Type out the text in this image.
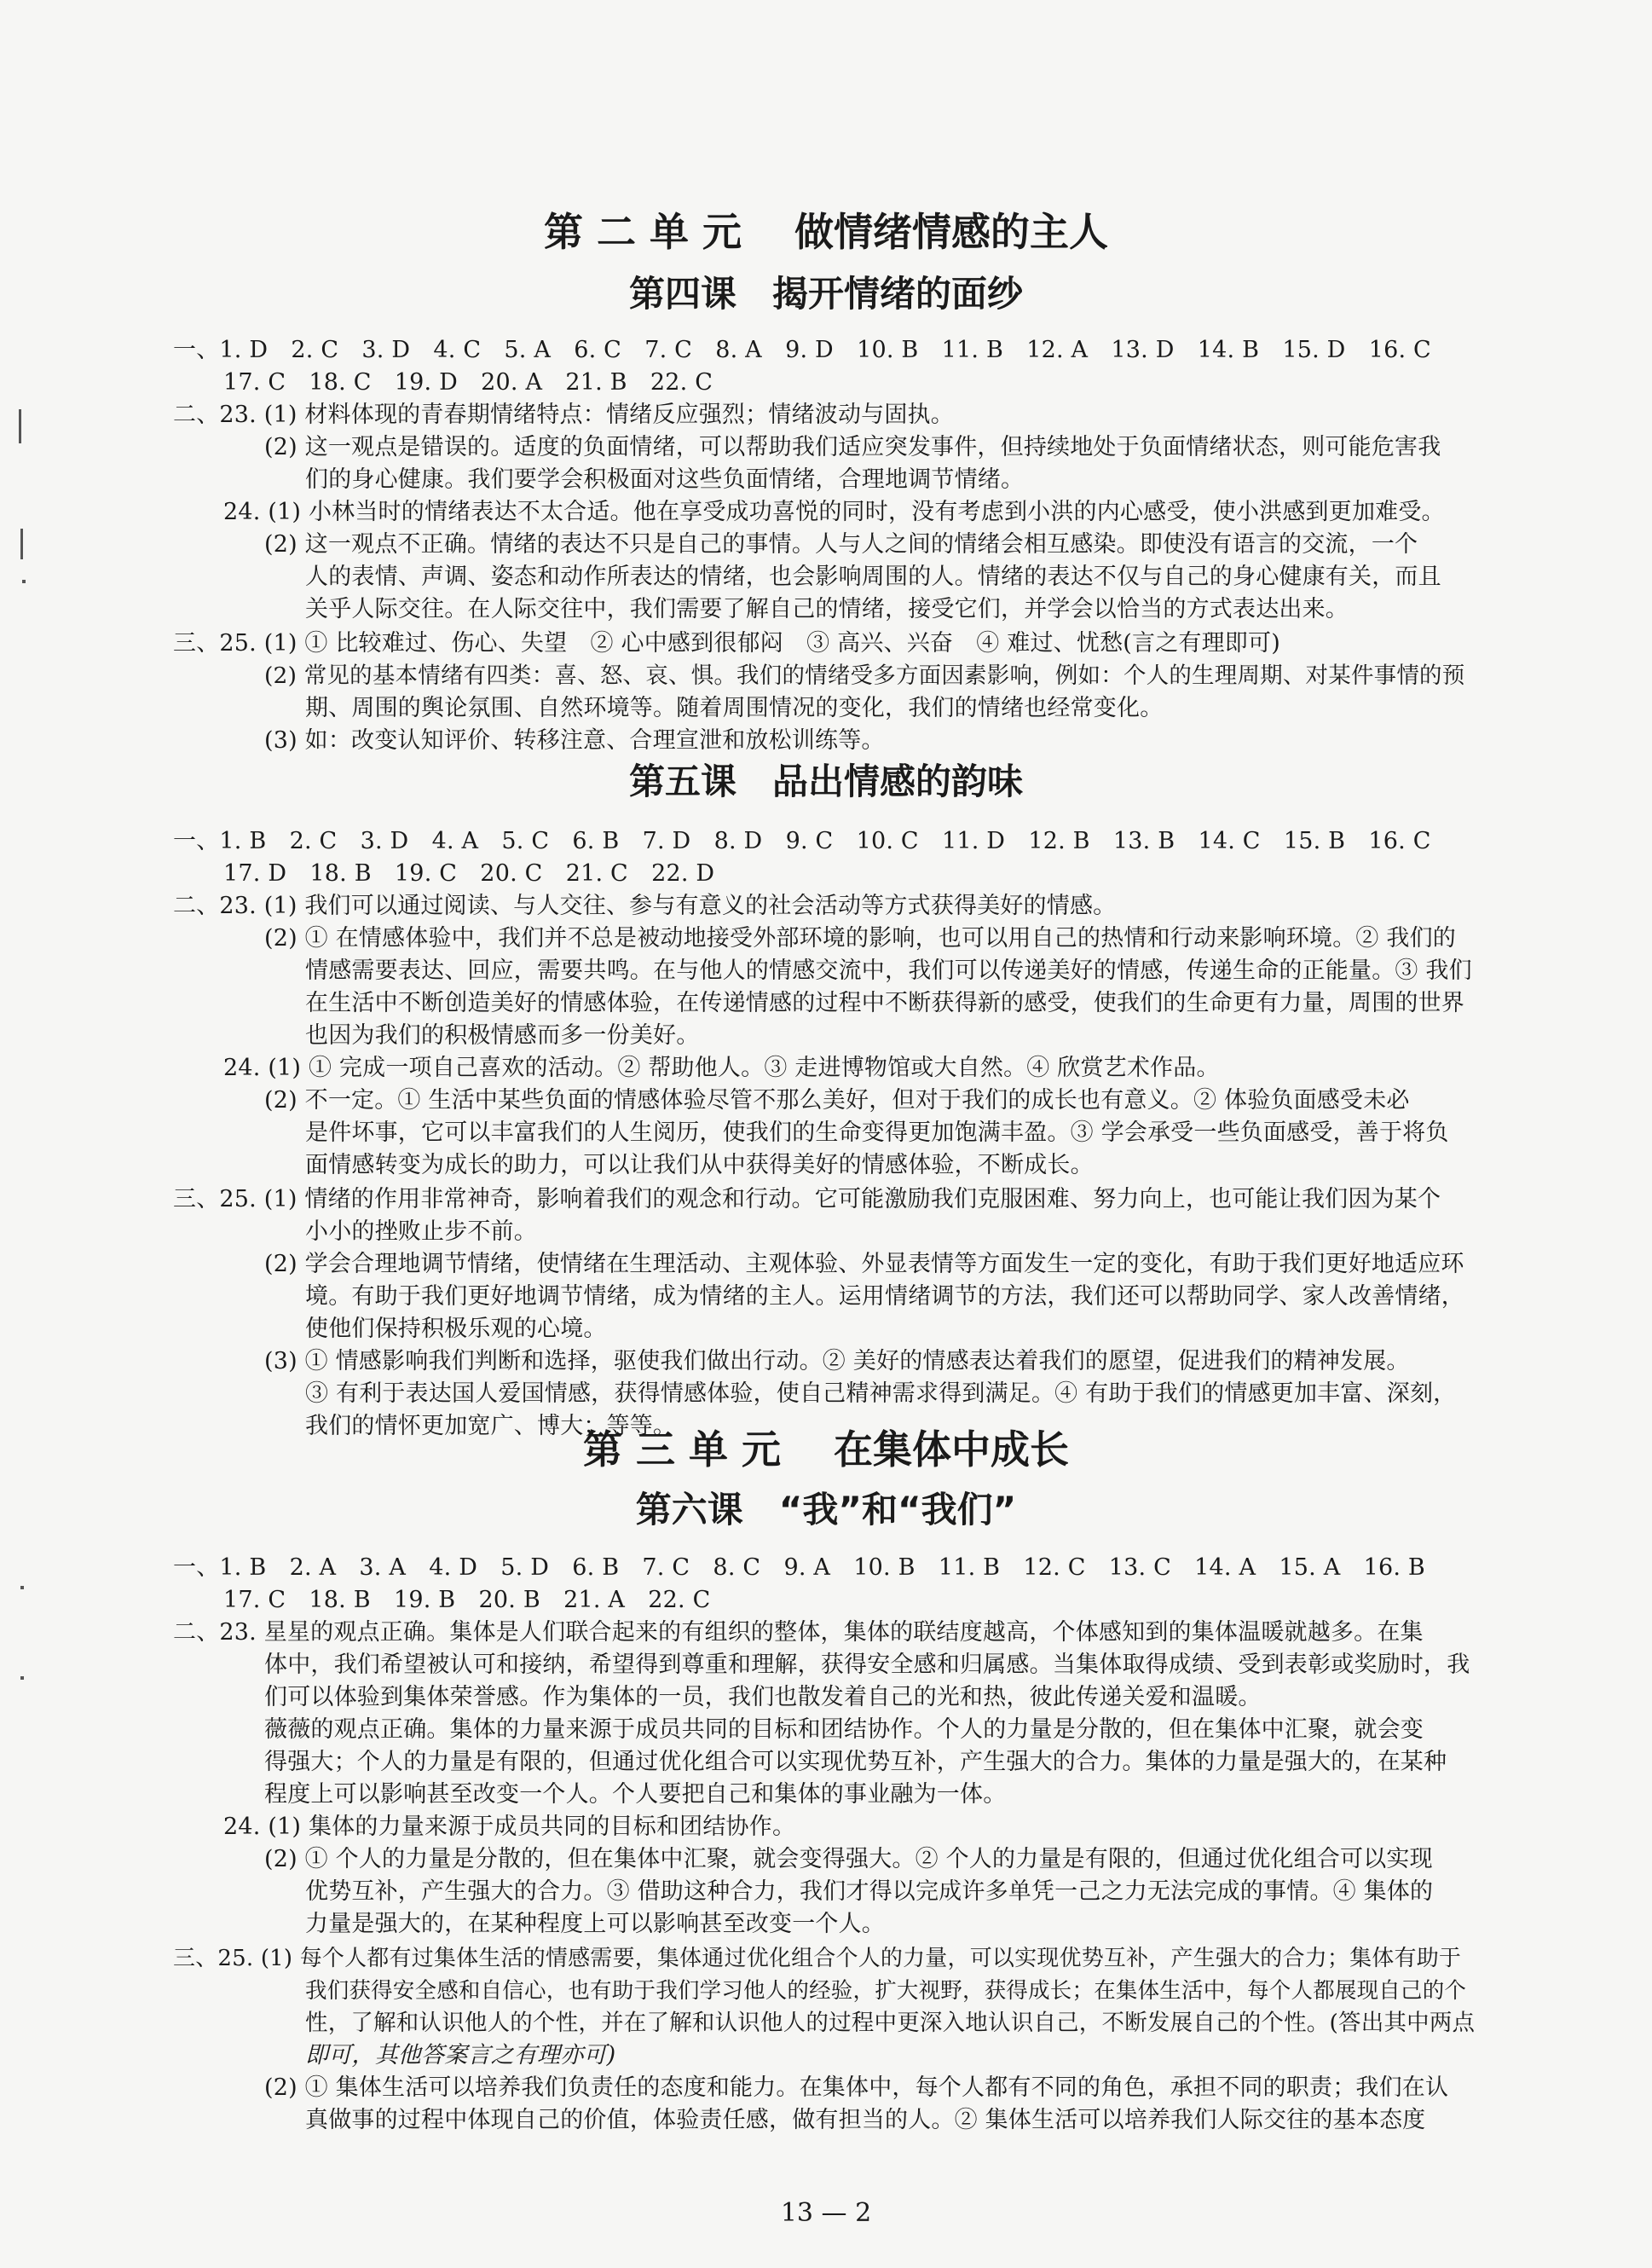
第 二 单 元　 做情绪情感的主人
第四课　揭开情绪的面纱
一、1. D　2. C　3. D　4. C　5. A　6. C　7. C　8. A　9. D　10. B　11. B　12. A　13. D　14. B　15. D　16. C
17. C　18. C　19. D　20. A　21. B　22. C
二、23. (1) 材料体现的青春期情绪特点：情绪反应强烈；情绪波动与固执。
(2) 这一观点是错误的。适度的负面情绪，可以帮助我们适应突发事件，但持续地处于负面情绪状态，则可能危害我
们的身心健康。我们要学会积极面对这些负面情绪，合理地调节情绪。
24. (1) 小林当时的情绪表达不太合适。他在享受成功喜悦的同时，没有考虑到小洪的内心感受，使小洪感到更加难受。
(2) 这一观点不正确。情绪的表达不只是自己的事情。人与人之间的情绪会相互感染。即使没有语言的交流，一个
人的表情、声调、姿态和动作所表达的情绪，也会影响周围的人。情绪的表达不仅与自己的身心健康有关，而且
关乎人际交往。在人际交往中，我们需要了解自己的情绪，接受它们，并学会以恰当的方式表达出来。
三、25. (1) ① 比较难过、伤心、失望　② 心中感到很郁闷　③ 高兴、兴奋　④ 难过、忧愁(言之有理即可)
(2) 常见的基本情绪有四类：喜、怒、哀、惧。我们的情绪受多方面因素影响，例如：个人的生理周期、对某件事情的预
期、周围的舆论氛围、自然环境等。随着周围情况的变化，我们的情绪也经常变化。
(3) 如：改变认知评价、转移注意、合理宣泄和放松训练等。
第五课　品出情感的韵味
一、1. B　2. C　3. D　4. A　5. C　6. B　7. D　8. D　9. C　10. C　11. D　12. B　13. B　14. C　15. B　16. C
17. D　18. B　19. C　20. C　21. C　22. D
二、23. (1) 我们可以通过阅读、与人交往、参与有意义的社会活动等方式获得美好的情感。
(2) ① 在情感体验中，我们并不总是被动地接受外部环境的影响，也可以用自己的热情和行动来影响环境。② 我们的
情感需要表达、回应，需要共鸣。在与他人的情感交流中，我们可以传递美好的情感，传递生命的正能量。③ 我们
在生活中不断创造美好的情感体验，在传递情感的过程中不断获得新的感受，使我们的生命更有力量，周围的世界
也因为我们的积极情感而多一份美好。
24. (1) ① 完成一项自己喜欢的活动。② 帮助他人。③ 走进博物馆或大自然。④ 欣赏艺术作品。
(2) 不一定。① 生活中某些负面的情感体验尽管不那么美好，但对于我们的成长也有意义。② 体验负面感受未必
是件坏事，它可以丰富我们的人生阅历，使我们的生命变得更加饱满丰盈。③ 学会承受一些负面感受，善于将负
面情感转变为成长的助力，可以让我们从中获得美好的情感体验，不断成长。
三、25. (1) 情绪的作用非常神奇，影响着我们的观念和行动。它可能激励我们克服困难、努力向上，也可能让我们因为某个
小小的挫败止步不前。
(2) 学会合理地调节情绪，使情绪在生理活动、主观体验、外显表情等方面发生一定的变化，有助于我们更好地适应环
境。有助于我们更好地调节情绪，成为情绪的主人。运用情绪调节的方法，我们还可以帮助同学、家人改善情绪，
使他们保持积极乐观的心境。
(3) ① 情感影响我们判断和选择，驱使我们做出行动。② 美好的情感表达着我们的愿望，促进我们的精神发展。
③ 有利于表达国人爱国情感，获得情感体验，使自己精神需求得到满足。④ 有助于我们的情感更加丰富、深刻，
我们的情怀更加宽广、博大；等等。
第 三 单 元　 在集体中成长
第六课　“我”和“我们”
一、1. B　2. A　3. A　4. D　5. D　6. B　7. C　8. C　9. A　10. B　11. B　12. C　13. C　14. A　15. A　16. B
17. C　18. B　19. B　20. B　21. A　22. C
二、23. 星星的观点正确。集体是人们联合起来的有组织的整体，集体的联结度越高，个体感知到的集体温暖就越多。在集
体中，我们希望被认可和接纳，希望得到尊重和理解，获得安全感和归属感。当集体取得成绩、受到表彰或奖励时，我
们可以体验到集体荣誉感。作为集体的一员，我们也散发着自己的光和热，彼此传递关爱和温暖。
薇薇的观点正确。集体的力量来源于成员共同的目标和团结协作。个人的力量是分散的，但在集体中汇聚，就会变
得强大；个人的力量是有限的，但通过优化组合可以实现优势互补，产生强大的合力。集体的力量是强大的，在某种
程度上可以影响甚至改变一个人。个人要把自己和集体的事业融为一体。
24. (1) 集体的力量来源于成员共同的目标和团结协作。
(2) ① 个人的力量是分散的，但在集体中汇聚，就会变得强大。② 个人的力量是有限的，但通过优化组合可以实现
优势互补，产生强大的合力。③ 借助这种合力，我们才得以完成许多单凭一己之力无法完成的事情。④ 集体的
力量是强大的，在某种程度上可以影响甚至改变一个人。
三、25. (1) 每个人都有过集体生活的情感需要，集体通过优化组合个人的力量，可以实现优势互补，产生强大的合力；集体有助于
我们获得安全感和自信心，也有助于我们学习他人的经验，扩大视野，获得成长；在集体生活中，每个人都展现自己的个
性，了解和认识他人的个性，并在了解和认识他人的过程中更深入地认识自己，不断发展自己的个性。(答出其中两点
即可，其他答案言之有理亦可)
(2) ① 集体生活可以培养我们负责任的态度和能力。在集体中，每个人都有不同的角色，承担不同的职责；我们在认
真做事的过程中体现自己的价值，体验责任感，做有担当的人。② 集体生活可以培养我们人际交往的基本态度
13 — 2
